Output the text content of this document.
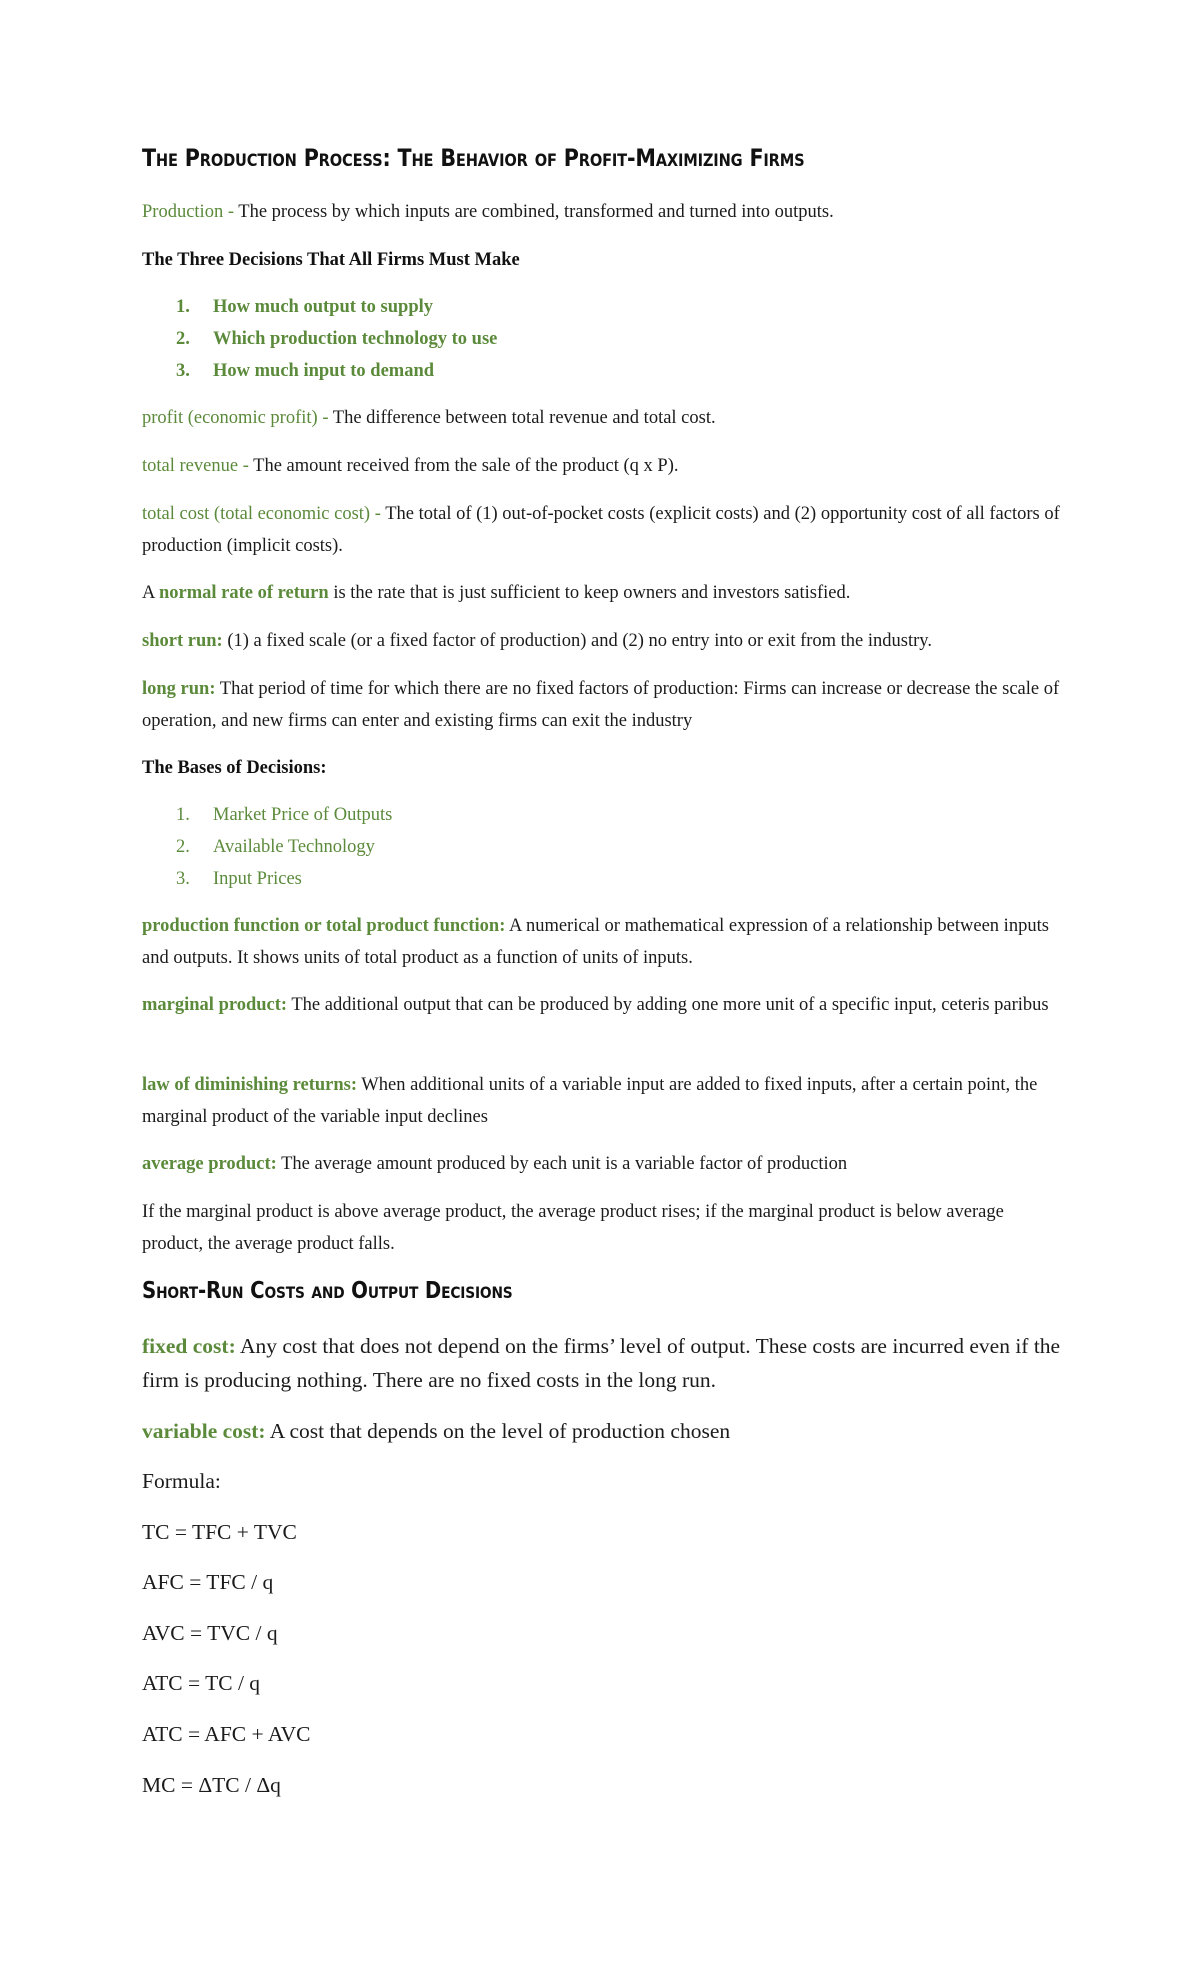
The Production Process: The Behavior of Profit-Maximizing Firms

Production - The process by which inputs are combined, transformed and turned into outputs.

The Three Decisions That All Firms Must Make

1. How much output to supply
2. Which production technology to use
3. How much input to demand

profit (economic profit) - The difference between total revenue and total cost.

total revenue - The amount received from the sale of the product (q x P).

total cost (total economic cost) - The total of (1) out-of-pocket costs (explicit costs) and (2) opportunity cost of all factors of production (implicit costs).

A normal rate of return is the rate that is just sufficient to keep owners and investors satisfied.

short run: (1) a fixed scale (or a fixed factor of production) and (2) no entry into or exit from the industry.

long run: That period of time for which there are no fixed factors of production: Firms can increase or decrease the scale of operation, and new firms can enter and existing firms can exit the industry

The Bases of Decisions:

1. Market Price of Outputs
2. Available Technology
3. Input Prices

production function or total product function: A numerical or mathematical expression of a relationship between inputs and outputs. It shows units of total product as a function of units of inputs.

marginal product: The additional output that can be produced by adding one more unit of a specific input, ceteris paribus

law of diminishing returns: When additional units of a variable input are added to fixed inputs, after a certain point, the marginal product of the variable input declines

average product: The average amount produced by each unit is a variable factor of production

If the marginal product is above average product, the average product rises; if the marginal product is below average product, the average product falls.

Short-Run Costs and Output Decisions

fixed cost: Any cost that does not depend on the firms’ level of output. These costs are incurred even if the firm is producing nothing. There are no fixed costs in the long run.

variable cost: A cost that depends on the level of production chosen

Formula:

TC = TFC + TVC

AFC = TFC / q

AVC = TVC / q

ATC = TC / q

ATC = AFC + AVC

MC = ΔTC / Δq
